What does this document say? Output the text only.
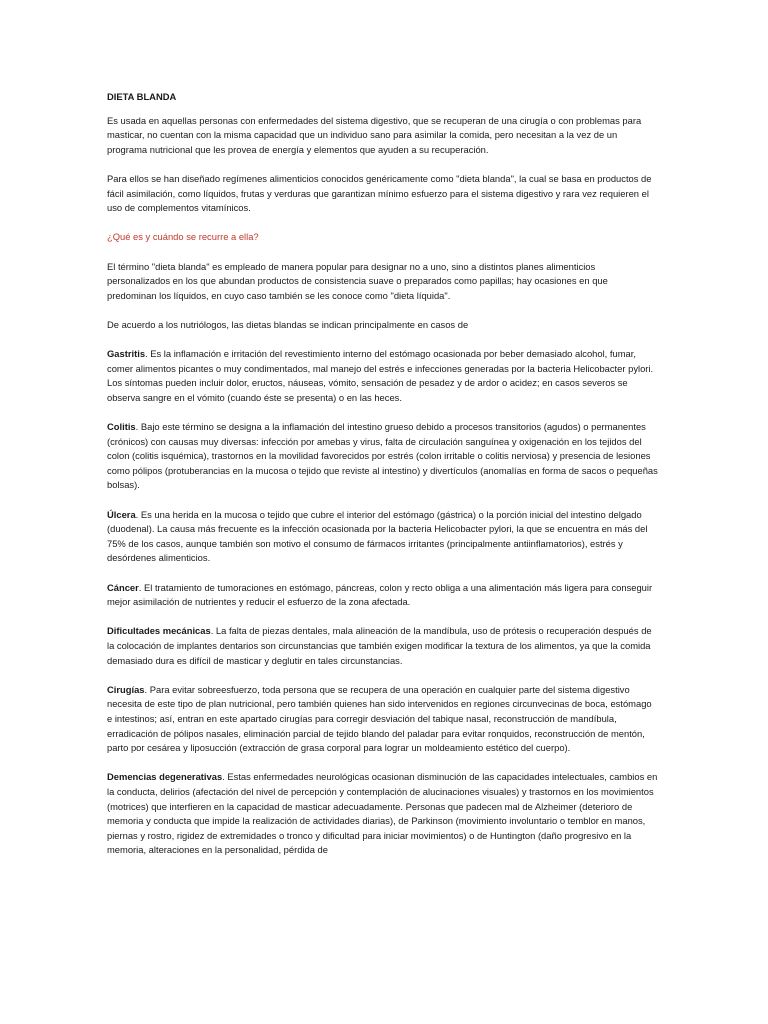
DIETA BLANDA

Es usada en aquellas personas con enfermedades del sistema digestivo, que se recuperan de una cirugía o con problemas para masticar, no cuentan con la misma capacidad que un individuo sano para asimilar la comida, pero necesitan a la vez de un programa nutricional que les provea de energía y elementos que ayuden a su recuperación.

Para ellos se han diseñado regímenes alimenticios conocidos genéricamente como "dieta blanda", la cual se basa en productos de fácil asimilación, como líquidos, frutas y verduras que garantizan mínimo esfuerzo para el sistema digestivo y rara vez requieren el uso de complementos vitamínicos.

¿Qué es y cuándo se recurre a ella?

El término "dieta blanda" es empleado de manera popular para designar no a uno, sino a distintos planes alimenticios personalizados en los que abundan productos de consistencia suave o preparados como papillas; hay ocasiones en que predominan los líquidos, en cuyo caso también se les conoce como "dieta líquida".

De acuerdo a los nutriólogos, las dietas blandas se indican principalmente en casos de

Gastritis. Es la inflamación e irritación del revestimiento interno del estómago ocasionada por beber demasiado alcohol, fumar, comer alimentos picantes o muy condimentados, mal manejo del estrés e infecciones generadas por la bacteria Helicobacter pylori. Los síntomas pueden incluir dolor, eructos, náuseas, vómito, sensación de pesadez y de ardor o acidez; en casos severos se observa sangre en el vómito (cuando éste se presenta) o en las heces.

Colitis. Bajo este término se designa a la inflamación del intestino grueso debido a procesos transitorios (agudos) o permanentes (crónicos) con causas muy diversas: infección por amebas y virus, falta de circulación sanguínea y oxigenación en los tejidos del colon (colitis isquémica), trastornos en la movilidad favorecidos por estrés (colon irritable o colitis nerviosa) y presencia de lesiones como pólipos (protuberancias en la mucosa o tejido que reviste al intestino) y divertículos (anomalías en forma de sacos o pequeñas bolsas).

Úlcera. Es una herida en la mucosa o tejido que cubre el interior del estómago (gástrica) o la porción inicial del intestino delgado (duodenal). La causa más frecuente es la infección ocasionada por la bacteria Helicobacter pylori, la que se encuentra en más del 75% de los casos, aunque también son motivo el consumo de fármacos irritantes (principalmente antiinflamatorios), estrés y desórdenes alimenticios.

Cáncer. El tratamiento de tumoraciones en estómago, páncreas, colon y recto obliga a una alimentación más ligera para conseguir mejor asimilación de nutrientes y reducir el esfuerzo de la zona afectada.

Dificultades mecánicas. La falta de piezas dentales, mala alineación de la mandíbula, uso de prótesis o recuperación después de la colocación de implantes dentarios son circunstancias que también exigen modificar la textura de los alimentos, ya que la comida demasiado dura es difícil de masticar y deglutir en tales circunstancias.

Cirugías. Para evitar sobreesfuerzo, toda persona que se recupera de una operación en cualquier parte del sistema digestivo necesita de este tipo de plan nutricional, pero también quienes han sido intervenidos en regiones circunvecinas de boca, estómago e intestinos; así, entran en este apartado cirugías para corregir desviación del tabique nasal, reconstrucción de mandíbula, erradicación de pólipos nasales, eliminación parcial de tejido blando del paladar para evitar ronquidos, reconstrucción de mentón, parto por cesárea y liposucción (extracción de grasa corporal para lograr un moldeamiento estético del cuerpo).

Demencias degenerativas. Estas enfermedades neurológicas ocasionan disminución de las capacidades intelectuales, cambios en la conducta, delirios (afectación del nivel de percepción y contemplación de alucinaciones visuales) y trastornos en los movimientos (motrices) que interfieren en la capacidad de masticar adecuadamente. Personas que padecen mal de Alzheimer (deterioro de memoria y conducta que impide la realización de actividades diarias), de Parkinson (movimiento involuntario o temblor en manos, piernas y rostro, rigidez de extremidades o tronco y dificultad para iniciar movimientos) o de Huntington (daño progresivo en la memoria, alteraciones en la personalidad, pérdida de
